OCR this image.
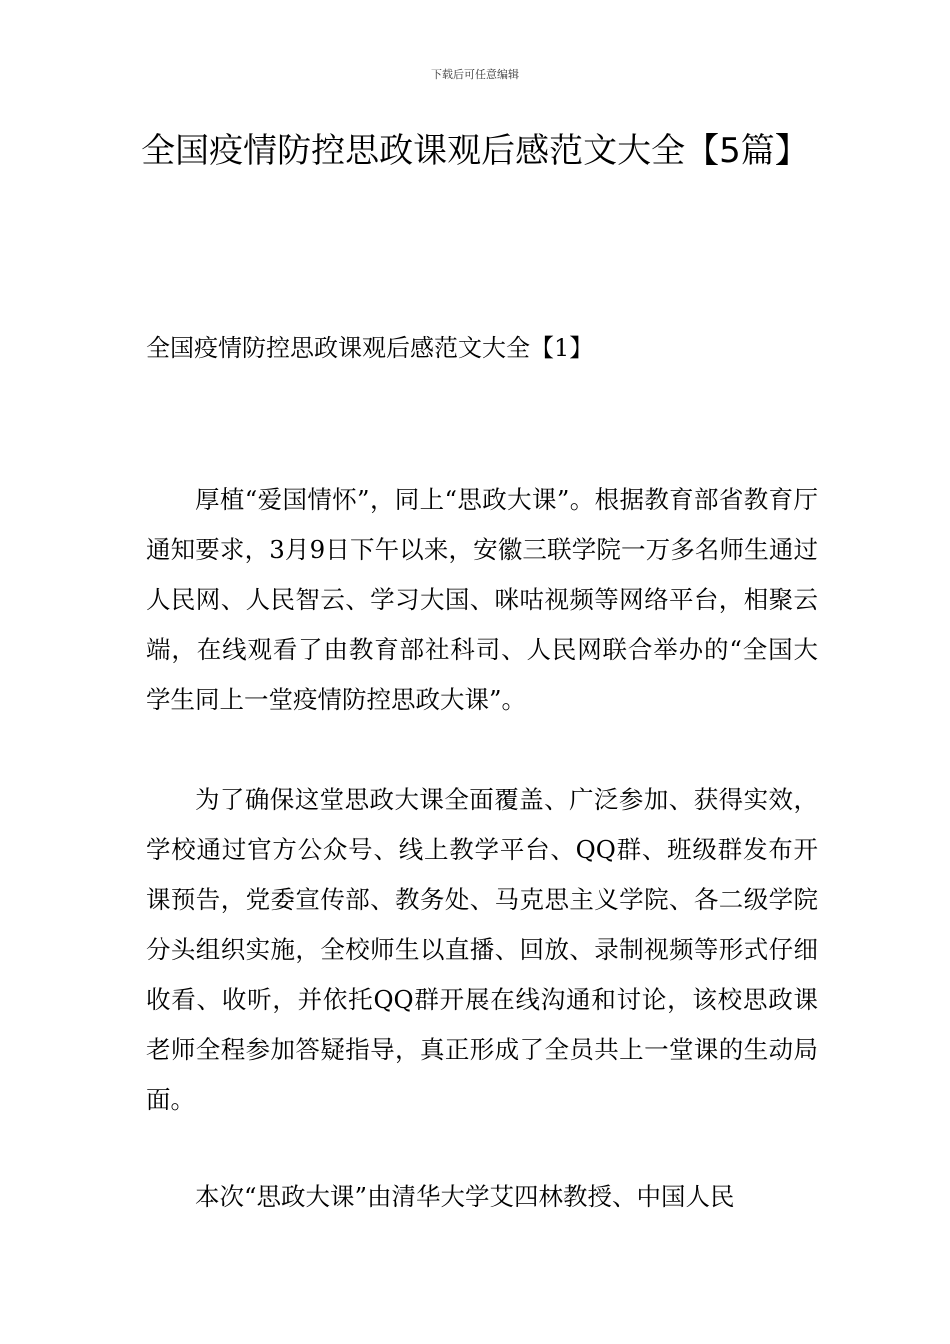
下载后可任意编辑
全国疫情防控思政课观后感范文大全【5篇】
全国疫情防控思政课观后感范文大全【1】

厚植“爱国情怀”，同上“思政大课”。根据教育部省教育厅通知要求，3月9日下午以来，安徽三联学院一万多名师生通过人民网、人民智云、学习大国、咪咕视频等网络平台，相聚云端，在线观看了由教育部社科司、人民网联合举办的“全国大学生同上一堂疫情防控思政大课”。

为了确保这堂思政大课全面覆盖、广泛参加、获得实效，学校通过官方公众号、线上教学平台、QQ群、班级群发布开课预告，党委宣传部、教务处、马克思主义学院、各二级学院分头组织实施，全校师生以直播、回放、录制视频等形式仔细收看、收听，并依托QQ群开展在线沟通和讨论，该校思政课老师全程参加答疑指导，真正形成了全员共上一堂课的生动局面。

本次“思政大课”由清华大学艾四林教授、中国人民
